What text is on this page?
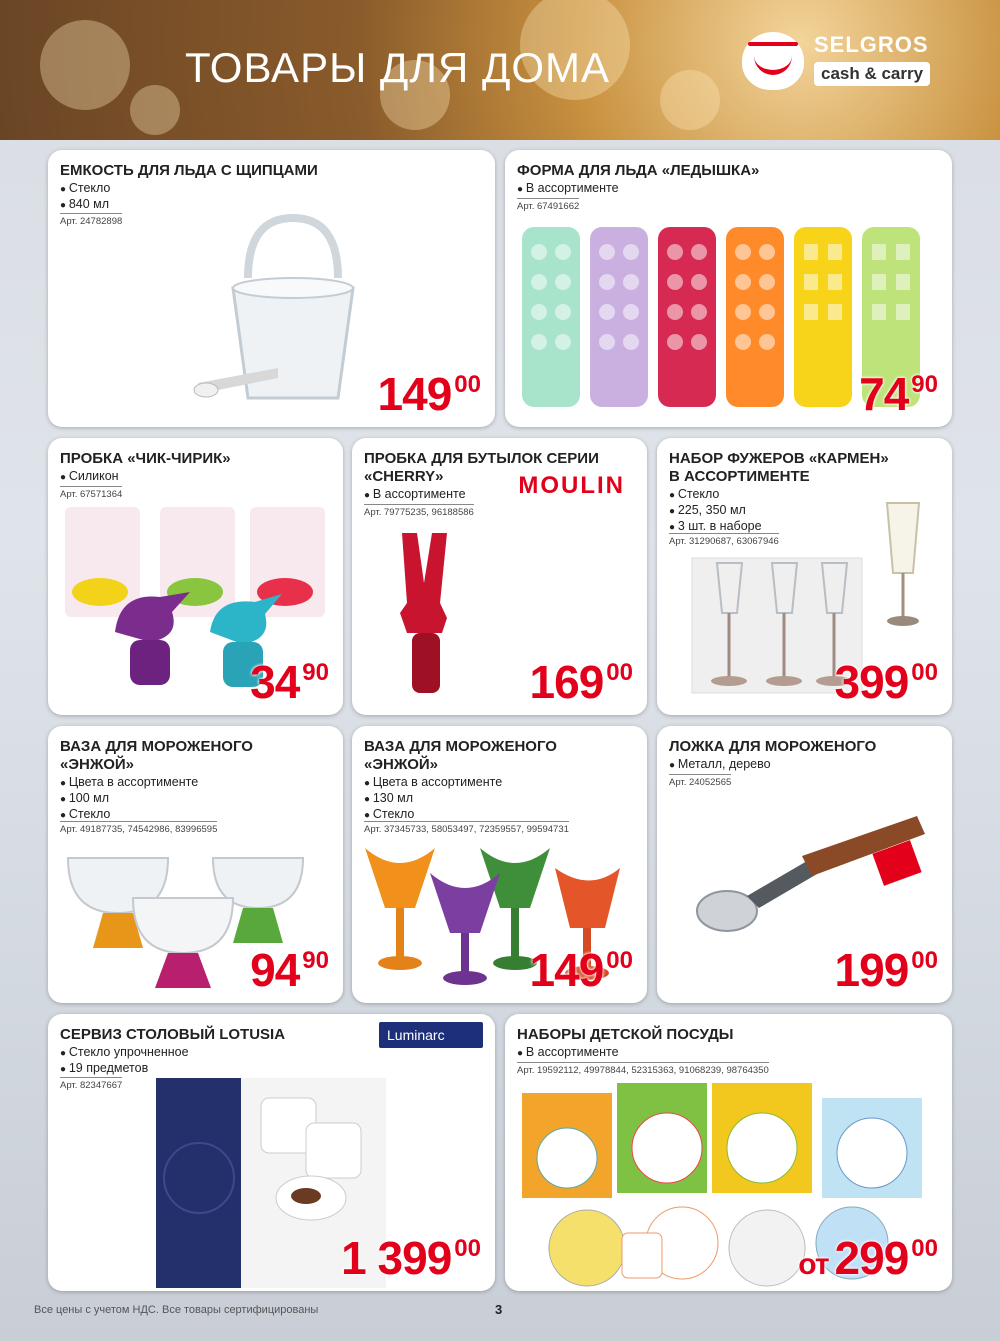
ТОВАРЫ ДЛЯ ДОМА	SELGROS
cash & carry
ЕМКОСТЬ ДЛЯ ЛЬДА С ЩИПЦАМИ
● Стекло
● 840 мл
Арт. 24782898
149 $^{00}$
ФОРМА ДЛЯ ЛЬДА «ЛЕДЫШКА»
● В ассортименте
Арт. 67491662
74 $^{90}$
ПРОБКА «ЧИК-ЧИРИК»
● Силикон
Арт. 67571364
34 $^{90}$
ПРОБКА ДЛЯ БУТЫЛОК СЕРИИ
«CHERRY»	MOULIN
● В ассортименте
Арт. 79775235, 96188586
169 $^{00}$
НАБОР ФУЖЕРОВ «КАРМЕН»
В АССОРТИМЕНТЕ
● Стекло
● 225, 350 мл
● 3 шт. в наборе
Арт. 31290687, 63067946
399 $^{00}$
ВАЗА ДЛЯ МОРОЖЕНОГО
«ЭНЖОЙ»
● Цвета в ассортименте
● 100 мл
● Стекло
Арт. 49187735, 74542986, 83996595
94 $^{90}$
ВАЗА ДЛЯ МОРОЖЕНОГО
«ЭНЖОЙ»
● Цвета в ассортименте
● 130 мл
● Стекло
Арт. 37345733, 58053497, 72359557, 99594731
149 $^{00}$
ЛОЖКА ДЛЯ МОРОЖЕНОГО
● Металл, дерево
Арт. 24052565
199 $^{00}$
СЕРВИЗ СТОЛОВЫЙ LOTUSIA	Luminarc
● Стекло упрочненное
● 19 предметов
Арт. 82347667
1 399 $^{00}$
НАБОРЫ ДЕТСКОЙ ПОСУДЫ
● В ассортименте
Арт. 19592112, 49978844, 52315363, 91068239, 98764350
от 299 $^{00}$
Все цены с учетом НДС. Все товары сертифицированы	3
